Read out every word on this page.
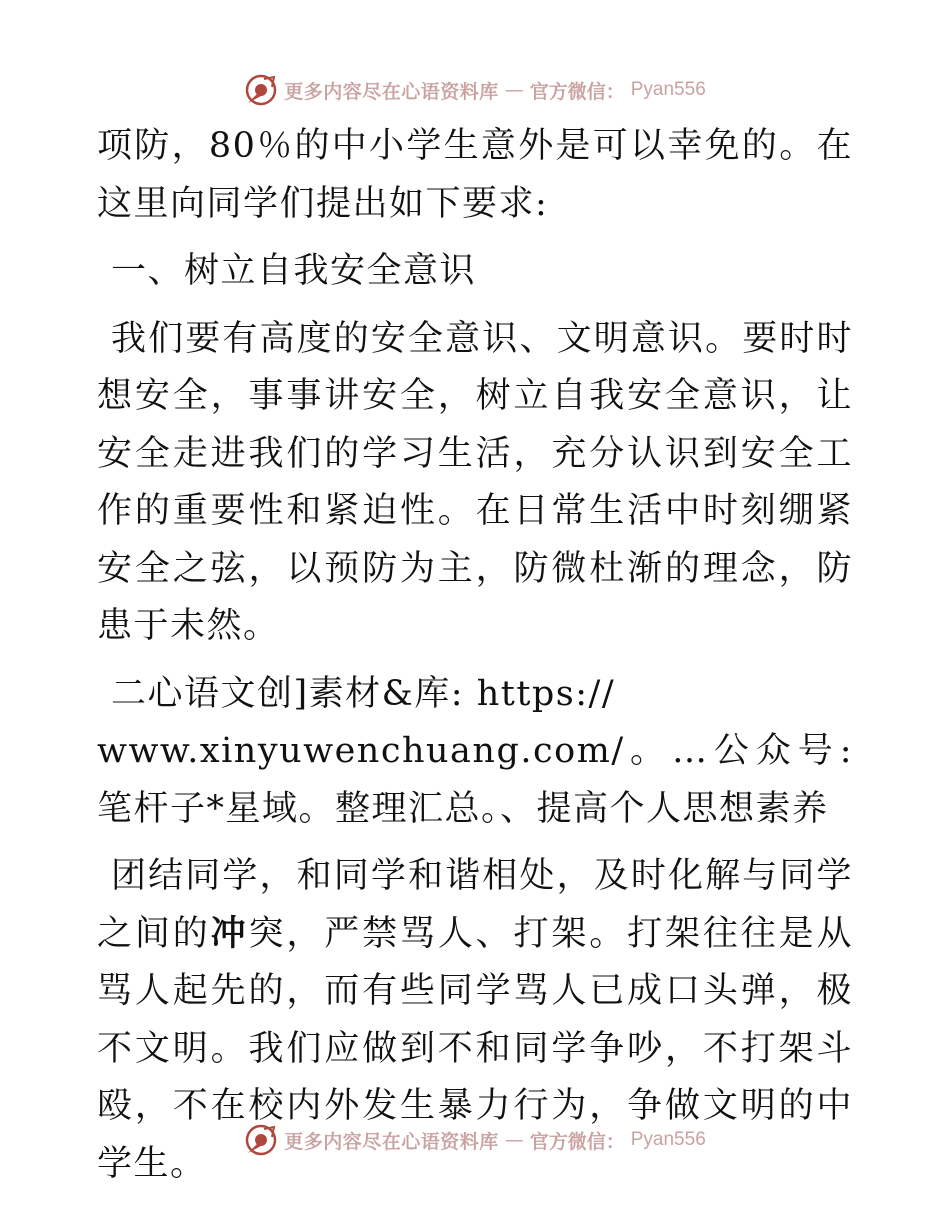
更多内容尽在心语资料库 — 官方微信： Pyan556

项防，80％的中小学生意外是可以幸免的。在这里向同学们提出如下要求:

一、树立自我安全意识

我们要有高度的安全意识、文明意识。要时时想安全，事事讲安全，树立自我安全意识，让安全走进我们的学习生活，充分认识到安全工作的重要性和紧迫性。在日常生活中时刻绷紧安全之弦，以预防为主，防微杜渐的理念，防患于未然。

二心语文创]素材&库: https://
www.xinyuwenchuang.com/。…公众号: 笔杆子*星域。整理汇总。、提高个人思想素养

团结同学，和同学和谐相处，及时化解与同学之间的冲突，严禁骂人、打架。打架往往是从骂人起先的，而有些同学骂人已成口头弹，极不文明。我们应做到不和同学争吵，不打架斗殴，不在校内外发生暴力行为，争做文明的中学生。

更多内容尽在心语资料库 — 官方微信： Pyan556
